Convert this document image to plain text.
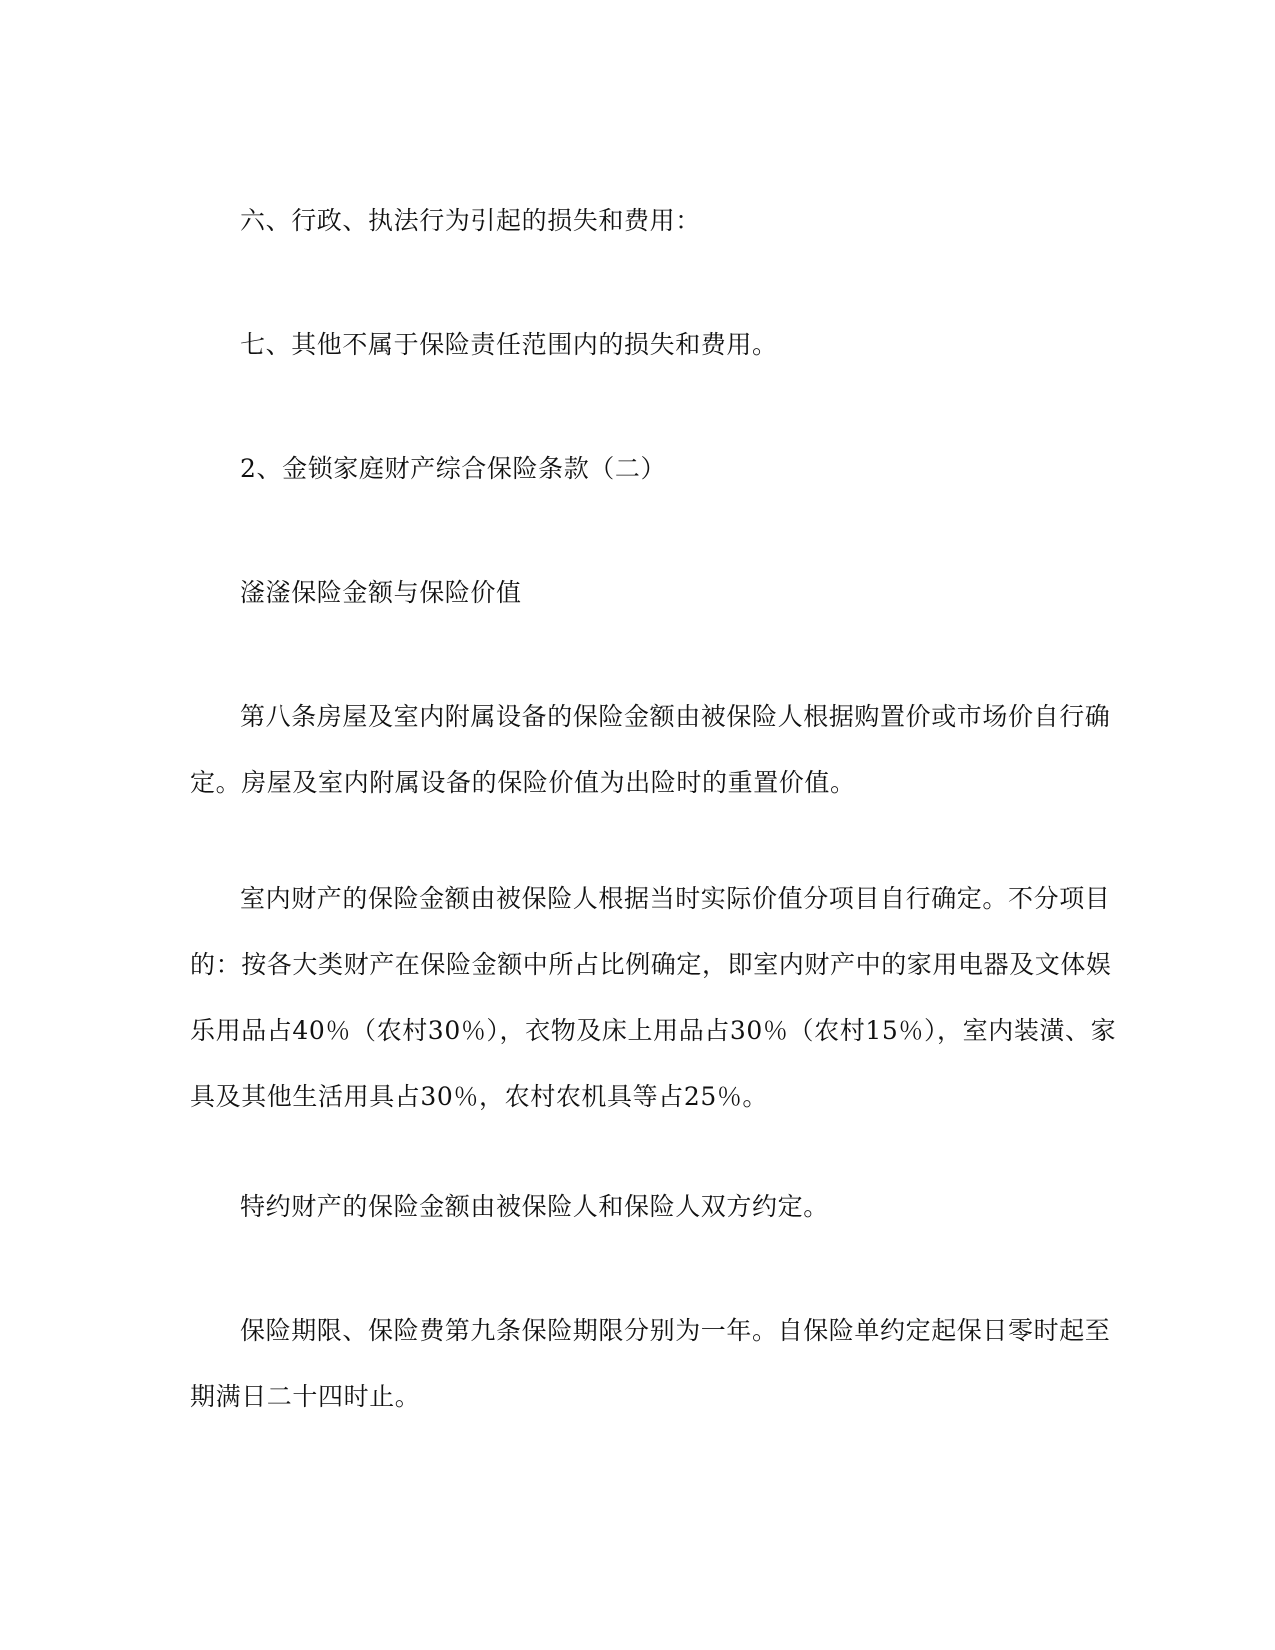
六、行政、执法行为引起的损失和费用：

七、其他不属于保险责任范围内的损失和费用。

2、金锁家庭财产综合保险条款（二）

滏滏保险金额与保险价值

第八条房屋及室内附属设备的保险金额由被保险人根据购置价或市场价自行确
定。房屋及室内附属设备的保险价值为出险时的重置价值。

室内财产的保险金额由被保险人根据当时实际价值分项目自行确定。不分项目
的：按各大类财产在保险金额中所占比例确定，即室内财产中的家用电器及文体娱
乐用品占40％（农村30％），衣物及床上用品占30％（农村15％），室内装潢、家
具及其他生活用具占30％，农村农机具等占25％。

特约财产的保险金额由被保险人和保险人双方约定。

保险期限、保险费第九条保险期限分别为一年。自保险单约定起保日零时起至
期满日二十四时止。
